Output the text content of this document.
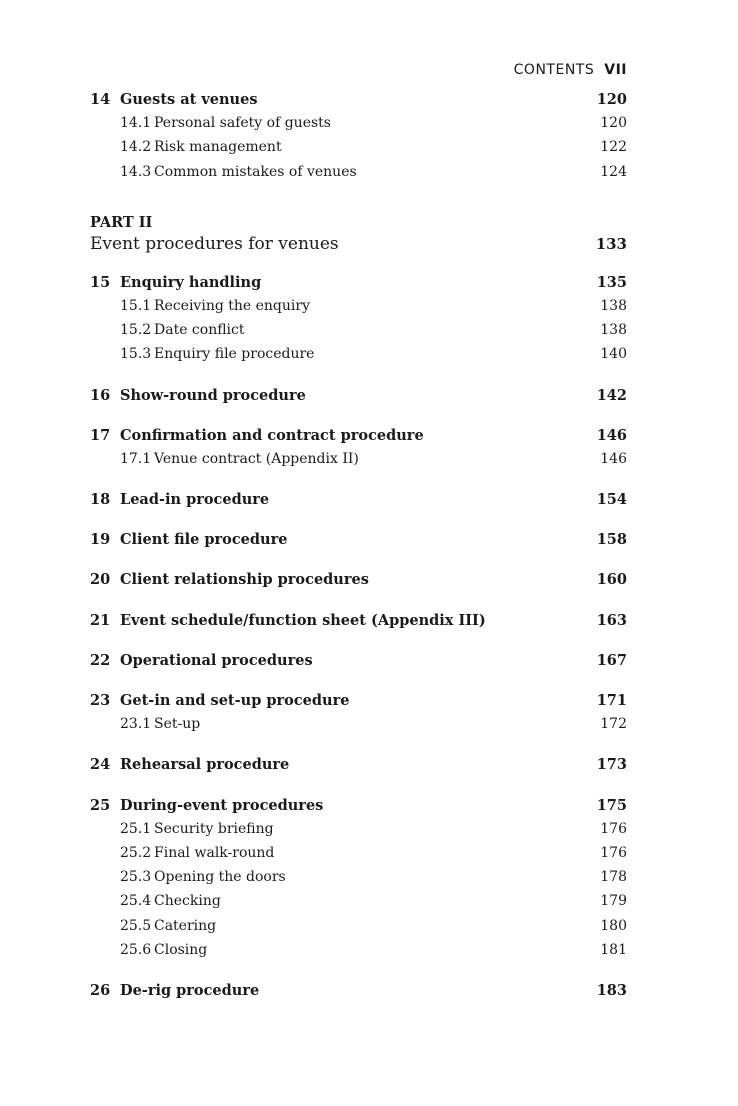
CONTENTS VII
14 Guests at venues	120
14.1 Personal safety of guests	120
14.2 Risk management	122
14.3 Common mistakes of venues	124
PART II
Event procedures for venues	133
15 Enquiry handling	135
15.1 Receiving the enquiry	138
15.2 Date conflict	138
15.3 Enquiry file procedure	140
16 Show-round procedure	142
17 Confirmation and contract procedure	146
17.1 Venue contract (Appendix II)	146
18 Lead-in procedure	154
19 Client file procedure	158
20 Client relationship procedures	160
21 Event schedule/function sheet (Appendix III)	163
22 Operational procedures	167
23 Get-in and set-up procedure	171
23.1 Set-up	172
24 Rehearsal procedure	173
25 During-event procedures	175
25.1 Security briefing	176
25.2 Final walk-round	176
25.3 Opening the doors	178
25.4 Checking	179
25.5 Catering	180
25.6 Closing	181
26 De-rig procedure	183
